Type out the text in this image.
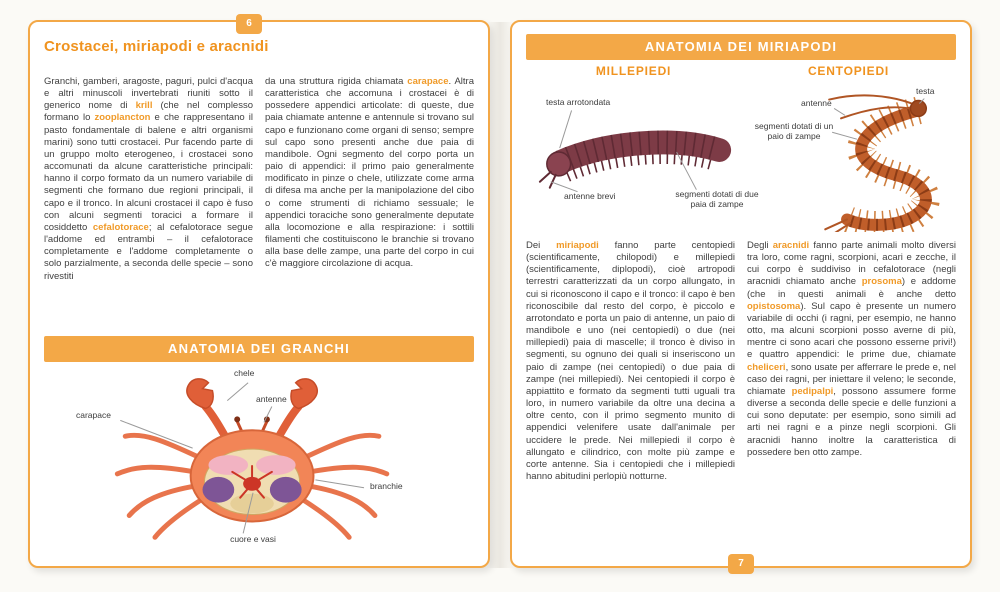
6
Crostacei, miriapodi e aracnidi

Granchi, gamberi, aragoste, paguri, pulci d'acqua e altri minuscoli invertebrati riuniti sotto il generico nome di krill (che nel complesso formano lo zooplancton e che rappresentano il pasto fondamentale di balene e altri organismi marini) sono tutti crostacei. Pur facendo parte di un gruppo molto eterogeneo, i crostacei sono accomunati da alcune caratteristiche principali: hanno il corpo formato da un numero variabile di segmenti che formano due regioni principali, il capo e il tronco. In alcuni crostacei il capo è fuso con alcuni segmenti toracici a formare il cosiddetto cefalotorace; al cefalotorace segue l'addome ed entrambi – il cefalotorace completamente e l'addome completamente o solo parzialmente, a seconda delle specie – sono rivestiti

da una struttura rigida chiamata carapace. Altra caratteristica che accomuna i crostacei è di possedere appendici articolate: di queste, due paia chiamate antenne e antennule si trovano sul capo e funzionano come organi di senso; sempre sul capo sono presenti anche due paia di mandibole. Ogni segmento del corpo porta un paio di appendici: il primo paio generalmente modificato in pinze o chele, utilizzate come arma di difesa ma anche per la manipolazione del cibo o come strumenti di richiamo sessuale; le appendici toraciche sono generalmente deputate alla locomozione e alla respirazione: i sottili filamenti che costituiscono le branchie si trovano alla base delle zampe, una parte del corpo in cui c'è maggiore circolazione di acqua.

ANATOMIA DEI GRANCHI
chele
antenne
carapace
branchie
cuore e vasi
7
ANATOMIA DEI MIRIAPODI
MILLEPIEDI	CENTOPIEDI
testa arrotondata
antenne brevi	segmenti dotati di due paia di zampe
antenne
testa
segmenti dotati di un paio di zampe

Dei miriapodi fanno parte centopiedi (scientificamente, chilopodi) e millepiedi (scientificamente, diplopodi), cioè artropodi terrestri caratterizzati da un corpo allungato, in cui si riconoscono il capo e il tronco: il capo è ben riconoscibile dal resto del corpo, è piccolo e arrotondato e porta un paio di antenne, un paio di mandibole e uno (nei centopiedi) o due (nei millepiedi) paia di mascelle; il tronco è diviso in segmenti, su ognuno dei quali si inseriscono un paio di zampe (nei centopiedi) o due paia di zampe (nei millepiedi). Nei centopiedi il corpo è appiattito e formato da segmenti tutti uguali tra loro, in numero variabile da oltre una decina a oltre cento, con il primo segmento munito di appendici velenifere usate dall'animale per uccidere le prede. Nei millepiedi il corpo è allungato e cilindrico, con molte più zampe e corte antenne. Sia i centopiedi che i millepiedi hanno abitudini perlopiù notturne.

Degli aracnidi fanno parte animali molto diversi tra loro, come ragni, scorpioni, acari e zecche, il cui corpo è suddiviso in cefalotorace (negli aracnidi chiamato anche prosoma) e addome (che in questi animali è anche detto opistosoma). Sul capo è presente un numero variabile di occhi (i ragni, per esempio, ne hanno otto, ma alcuni scorpioni posso averne di più, mentre ci sono acari che possono esserne privi!) e quattro appendici: le prime due, chiamate cheliceri, sono usate per afferrare le prede e, nel caso dei ragni, per iniettare il veleno; le seconde, chiamate pedipalpi, possono assumere forme diverse a seconda delle specie e delle funzioni a cui sono deputate: per esempio, sono simili ad arti nei ragni e a pinze negli scorpioni. Gli aracnidi hanno inoltre la caratteristica di possedere ben otto zampe.
